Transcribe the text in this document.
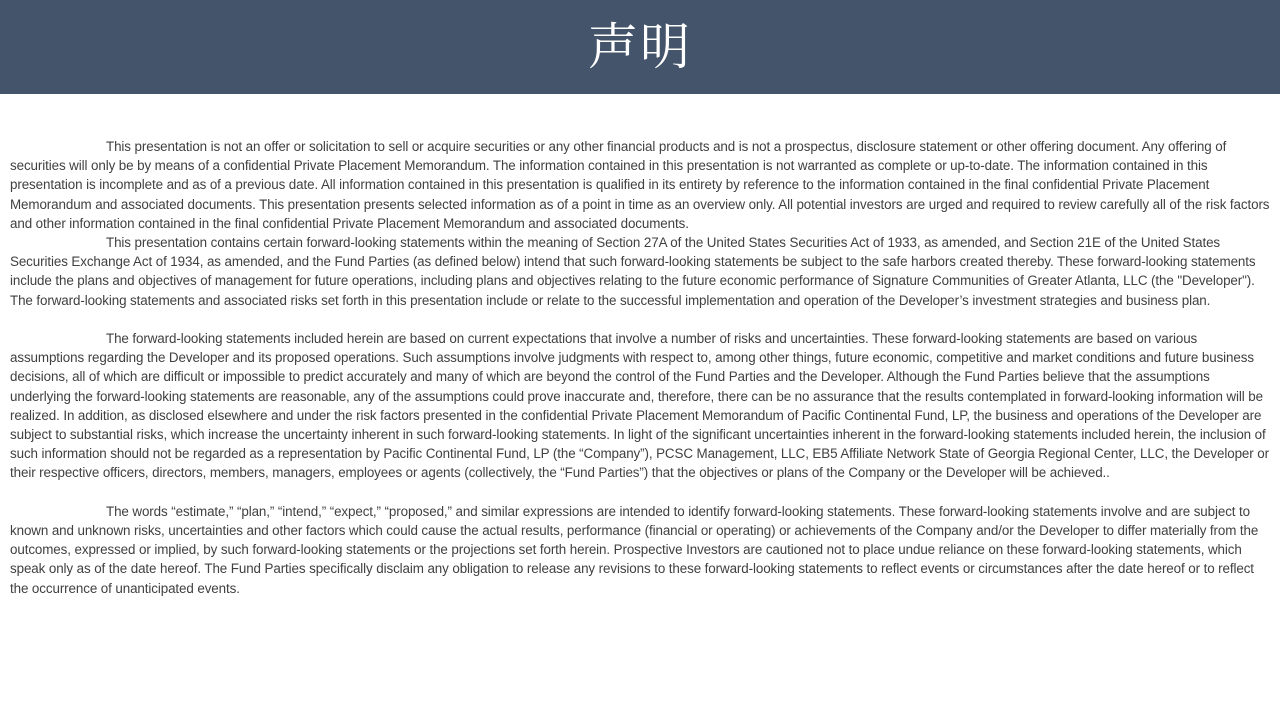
声明

This presentation is not an offer or solicitation to sell or acquire securities or any other financial products and is not a prospectus, disclosure statement or other offering document. Any offering of securities will only be by means of a confidential Private Placement Memorandum. The information contained in this presentation is not warranted as complete or up-to-date. The information contained in this presentation is incomplete and as of a previous date. All information contained in this presentation is qualified in its entirety by reference to the information contained in the final confidential Private Placement Memorandum and associated documents. This presentation presents selected information as of a point in time as an overview only. All potential investors are urged and required to review carefully all of the risk factors and other information contained in the final confidential Private Placement Memorandum and associated documents.

This presentation contains certain forward-looking statements within the meaning of Section 27A of the United States Securities Act of 1933, as amended, and Section 21E of the United States Securities Exchange Act of 1934, as amended, and the Fund Parties (as defined below) intend that such forward-looking statements be subject to the safe harbors created thereby. These forward-looking statements include the plans and objectives of management for future operations, including plans and objectives relating to the future economic performance of Signature Communities of Greater Atlanta, LLC (the "Developer"). The forward-looking statements and associated risks set forth in this presentation include or relate to the successful implementation and operation of the Developer’s investment strategies and business plan.

The forward-looking statements included herein are based on current expectations that involve a number of risks and uncertainties. These forward-looking statements are based on various assumptions regarding the Developer and its proposed operations. Such assumptions involve judgments with respect to, among other things, future economic, competitive and market conditions and future business decisions, all of which are difficult or impossible to predict accurately and many of which are beyond the control of the Fund Parties and the Developer. Although the Fund Parties believe that the assumptions underlying the forward-looking statements are reasonable, any of the assumptions could prove inaccurate and, therefore, there can be no assurance that the results contemplated in forward-looking information will be realized. In addition, as disclosed elsewhere and under the risk factors presented in the confidential Private Placement Memorandum of Pacific Continental Fund, LP, the business and operations of the Developer are subject to substantial risks, which increase the uncertainty inherent in such forward-looking statements. In light of the significant uncertainties inherent in the forward-looking statements included herein, the inclusion of such information should not be regarded as a representation by Pacific Continental Fund, LP (the “Company”), PCSC Management, LLC, EB5 Affiliate Network State of Georgia Regional Center, LLC, the Developer or their respective officers, directors, members, managers, employees or agents (collectively, the “Fund Parties”) that the objectives or plans of the Company or the Developer will be achieved..

The words “estimate,” “plan,” “intend,” “expect,” “proposed,” and similar expressions are intended to identify forward-looking statements. These forward-looking statements involve and are subject to known and unknown risks, uncertainties and other factors which could cause the actual results, performance (financial or operating) or achievements of the Company and/or the Developer to differ materially from the outcomes, expressed or implied, by such forward-looking statements or the projections set forth herein. Prospective Investors are cautioned not to place undue reliance on these forward-looking statements, which speak only as of the date hereof. The Fund Parties specifically disclaim any obligation to release any revisions to these forward-looking statements to reflect events or circumstances after the date hereof or to reflect the occurrence of unanticipated events.
